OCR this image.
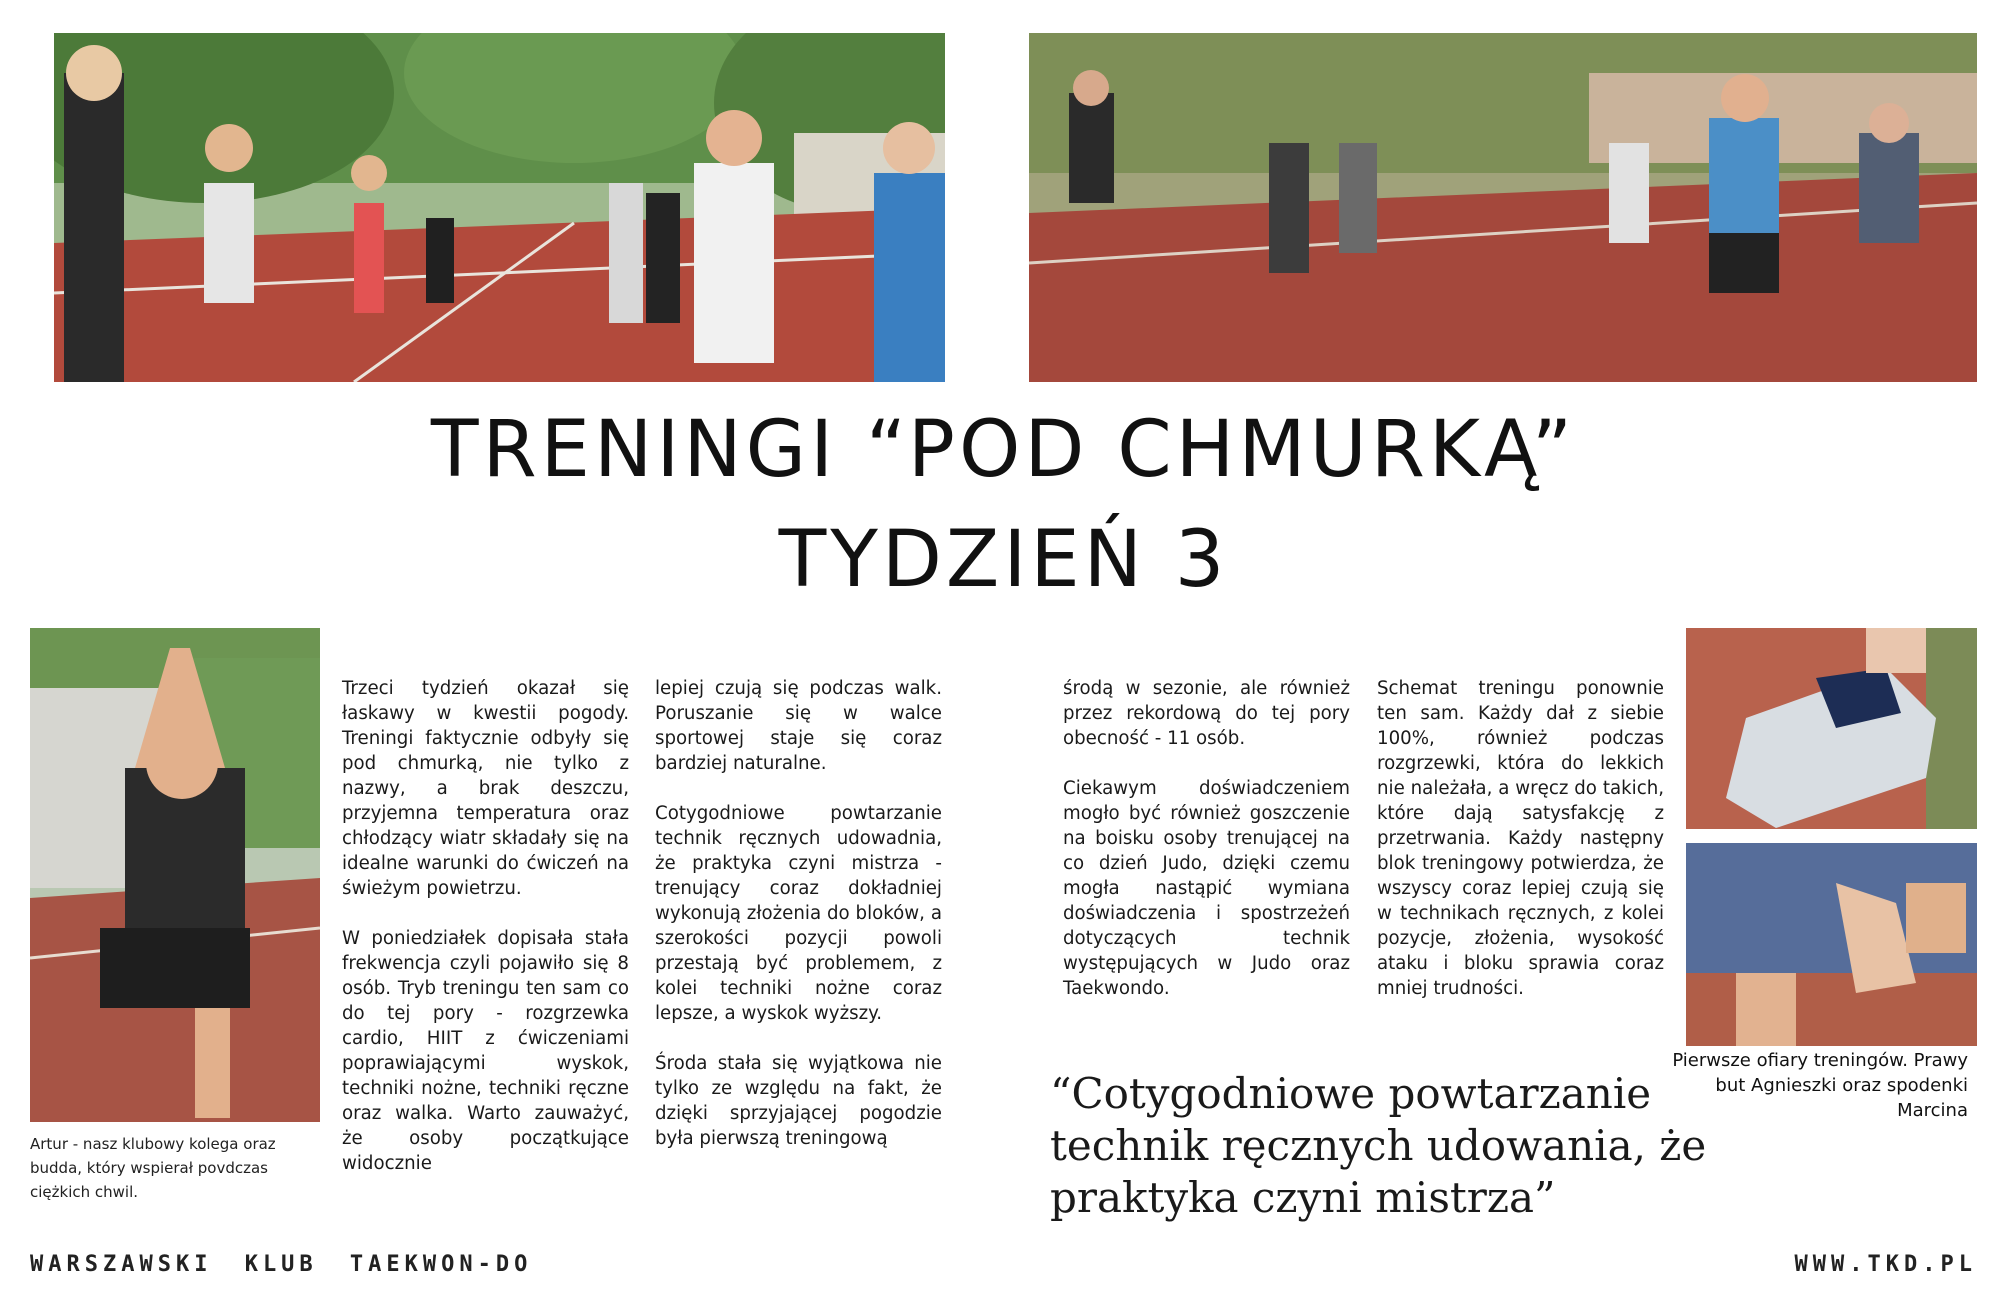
TRENINGI “POD CHMURKĄ”
TYDZIEŃ 3

Trzeci tydzień okazał się łaskawy w kwestii pogody. Treningi faktycznie odbyły się pod chmurką, nie tylko z nazwy, a brak deszczu, przyjemna temperatura oraz chłodzący wiatr składały się na idealne warunki do ćwiczeń na świeżym powietrzu.

W poniedziałek dopisała stała frekwencja czyli pojawiło się 8 osób. Tryb treningu ten sam co do tej pory - rozgrzewka cardio, HIIT z ćwiczeniami poprawiającymi wyskok, techniki nożne, techniki ręczne oraz walka. Warto zauważyć, że osoby początkujące widocznie

lepiej czują się podczas walk. Poruszanie się w walce sportowej staje się coraz bardziej naturalne.

Cotygodniowe powtarzanie technik ręcznych udowadnia, że praktyka czyni mistrza - trenujący coraz dokładniej wykonują złożenia do bloków, a szerokości pozycji powoli przestają być problemem, z kolei techniki nożne coraz lepsze, a wyskok wyższy.

Środa stała się wyjątkowa nie tylko ze względu na fakt, że dzięki sprzyjającej pogodzie była pierwszą treningową

środą w sezonie, ale również przez rekordową do tej pory obecność - 11 osób.

Ciekawym doświadczeniem mogło być również goszczenie na boisku osoby trenującej na co dzień Judo, dzięki czemu mogła nastąpić wymiana doświadczenia i spostrzeżeń dotyczących technik występujących w Judo oraz Taekwondo.

Schemat treningu ponownie ten sam. Każdy dał z siebie 100%, również podczas rozgrzewki, która do lekkich nie należała, a wręcz do takich, które dają satysfakcję z przetrwania. Każdy następny blok treningowy potwierdza, że wszyscy coraz lepiej czują się w technikach ręcznych, z kolei pozycje, złożenia, wysokość ataku i bloku sprawia coraz mniej trudności.

Artur - nasz klubowy kolega oraz budda, który wspierał povdczas ciężkich chwil.
Pierwsze ofiary treningów. Prawy but Agnieszki oraz spodenki Marcina
“Cotygodniowe powtarzanie technik ręcznych udowania, że praktyka czyni mistrza”
WARSZAWSKI KLUB TAEKWON-DO	WWW.TKD.PL
